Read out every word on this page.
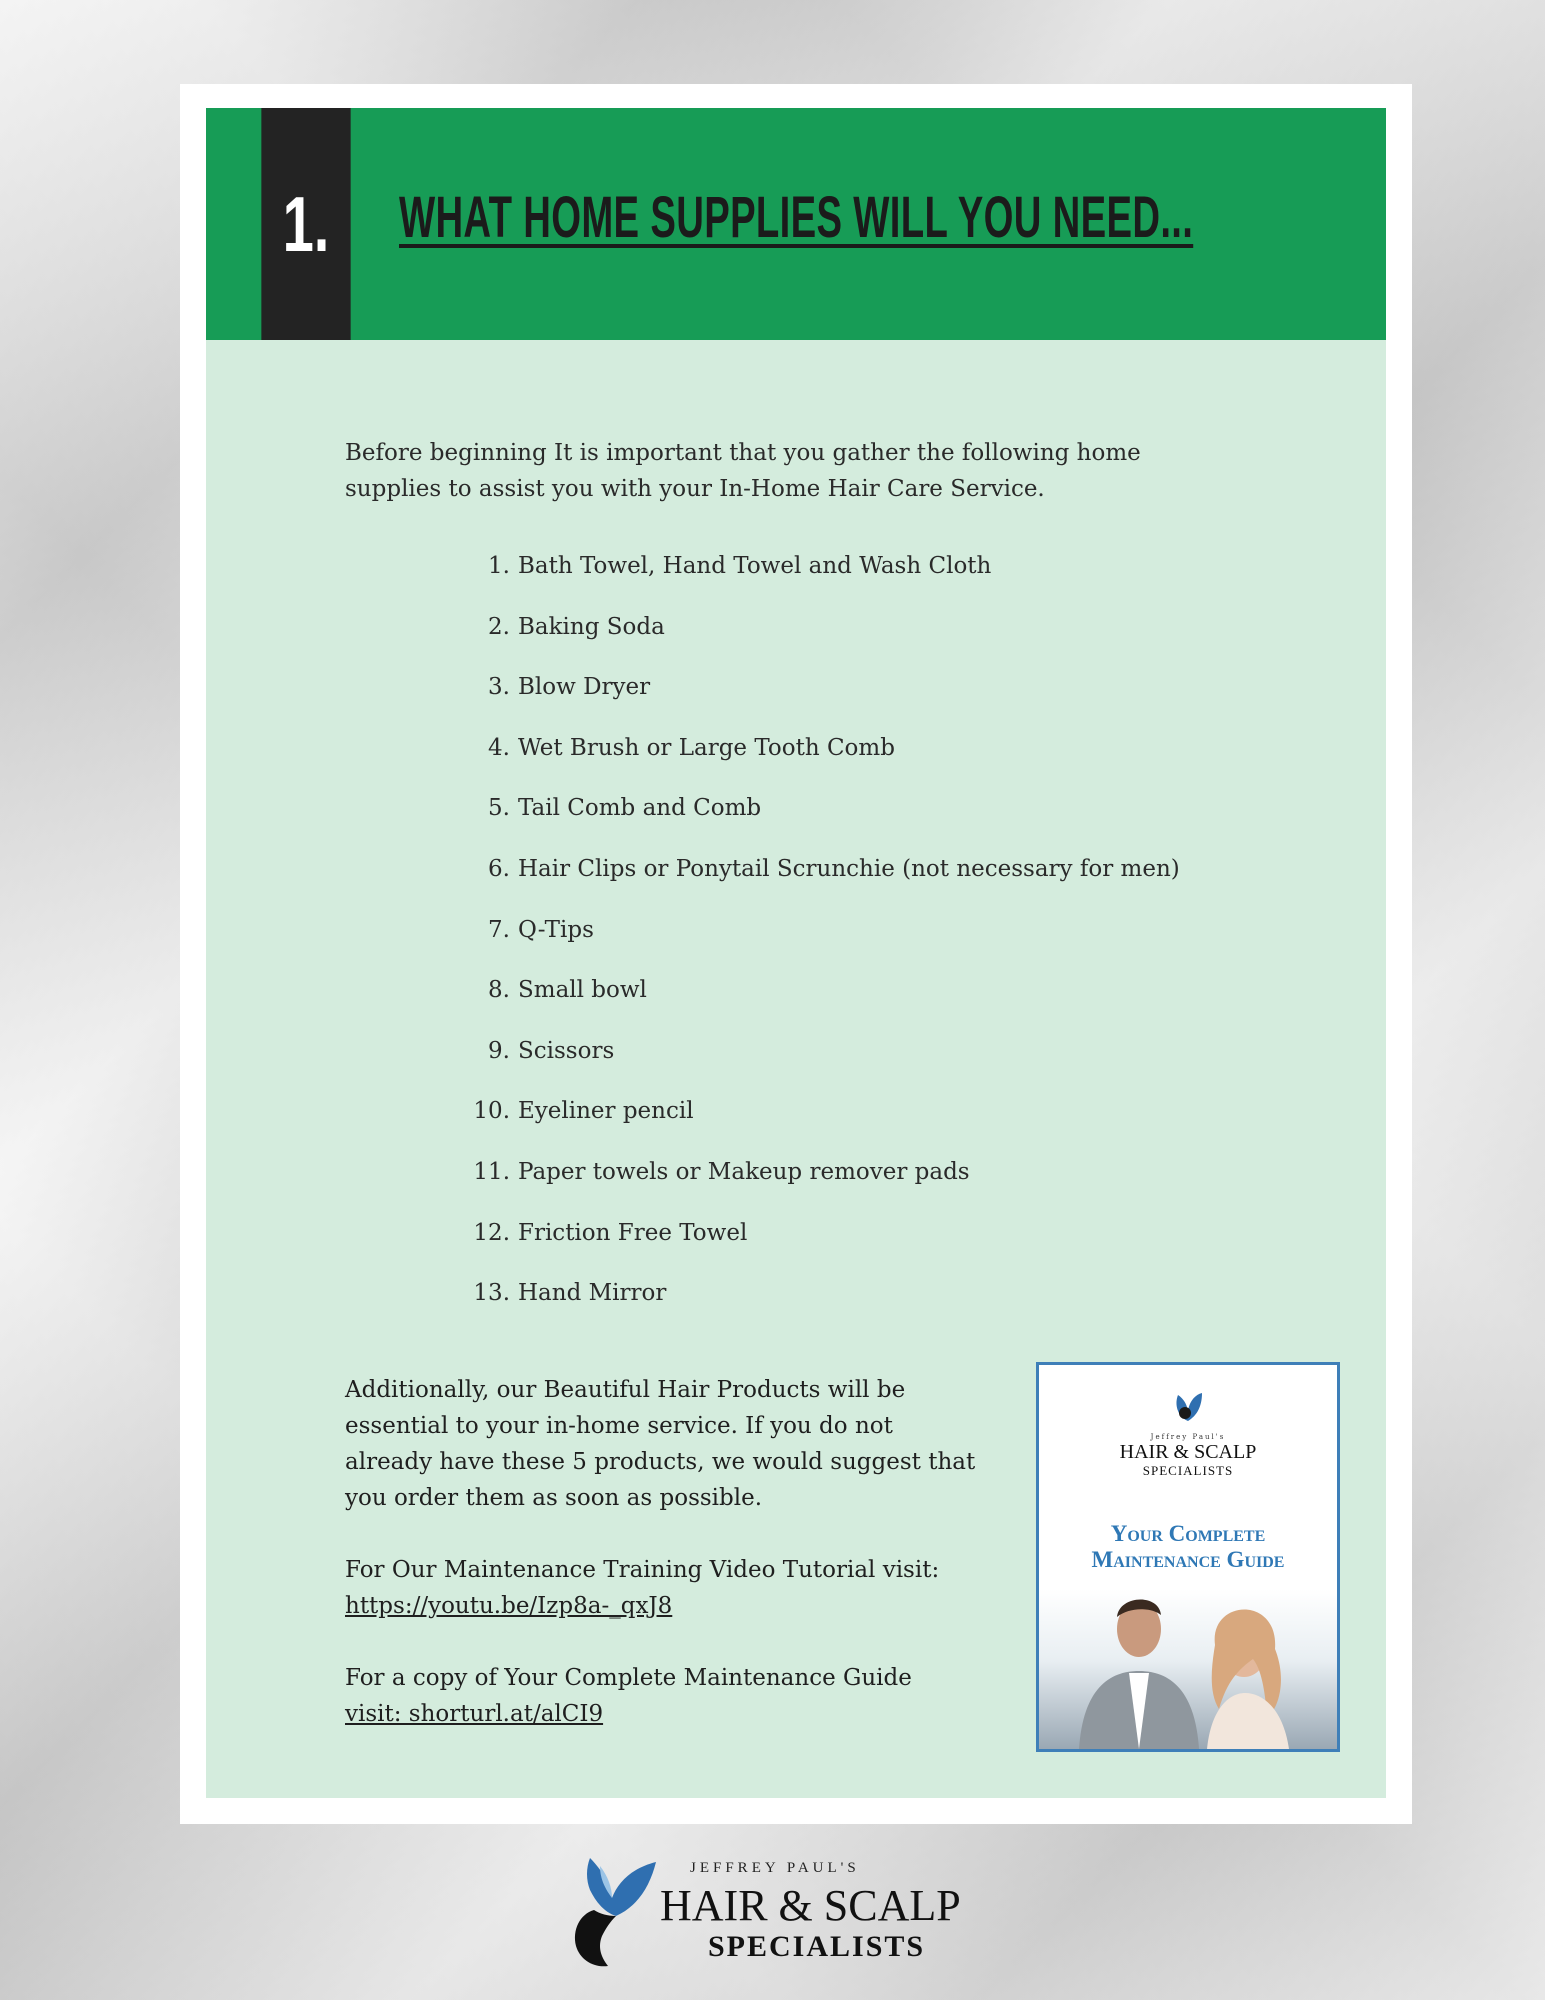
1.	WHAT HOME SUPPLIES WILL YOU NEED...
Before beginning It is important that you gather the following home supplies to assist you with your In-Home Hair Care Service.
1. Bath Towel, Hand Towel and Wash Cloth
2. Baking Soda
3. Blow Dryer
4. Wet Brush or Large Tooth Comb
5. Tail Comb and Comb
6. Hair Clips or Ponytail Scrunchie (not necessary for men)
7. Q-Tips
8. Small bowl
9. Scissors
10. Eyeliner pencil
11. Paper towels or Makeup remover pads
12. Friction Free Towel
13. Hand Mirror

Additionally, our Beautiful Hair Products will be essential to your in-home service. If you do not already have these 5 products, we would suggest that you order them as soon as possible.

For Our Maintenance Training Video Tutorial visit:
https://youtu.be/Izp8a-_qxJ8

For a copy of Your Complete Maintenance Guide
visit: shorturl.at/alCI9

Jeffrey Paul's
HAIR & SCALP
SPECIALISTS
Your Complete
Maintenance Guide
JEFFREY PAUL'S
HAIR & SCALP
SPECIALISTS
